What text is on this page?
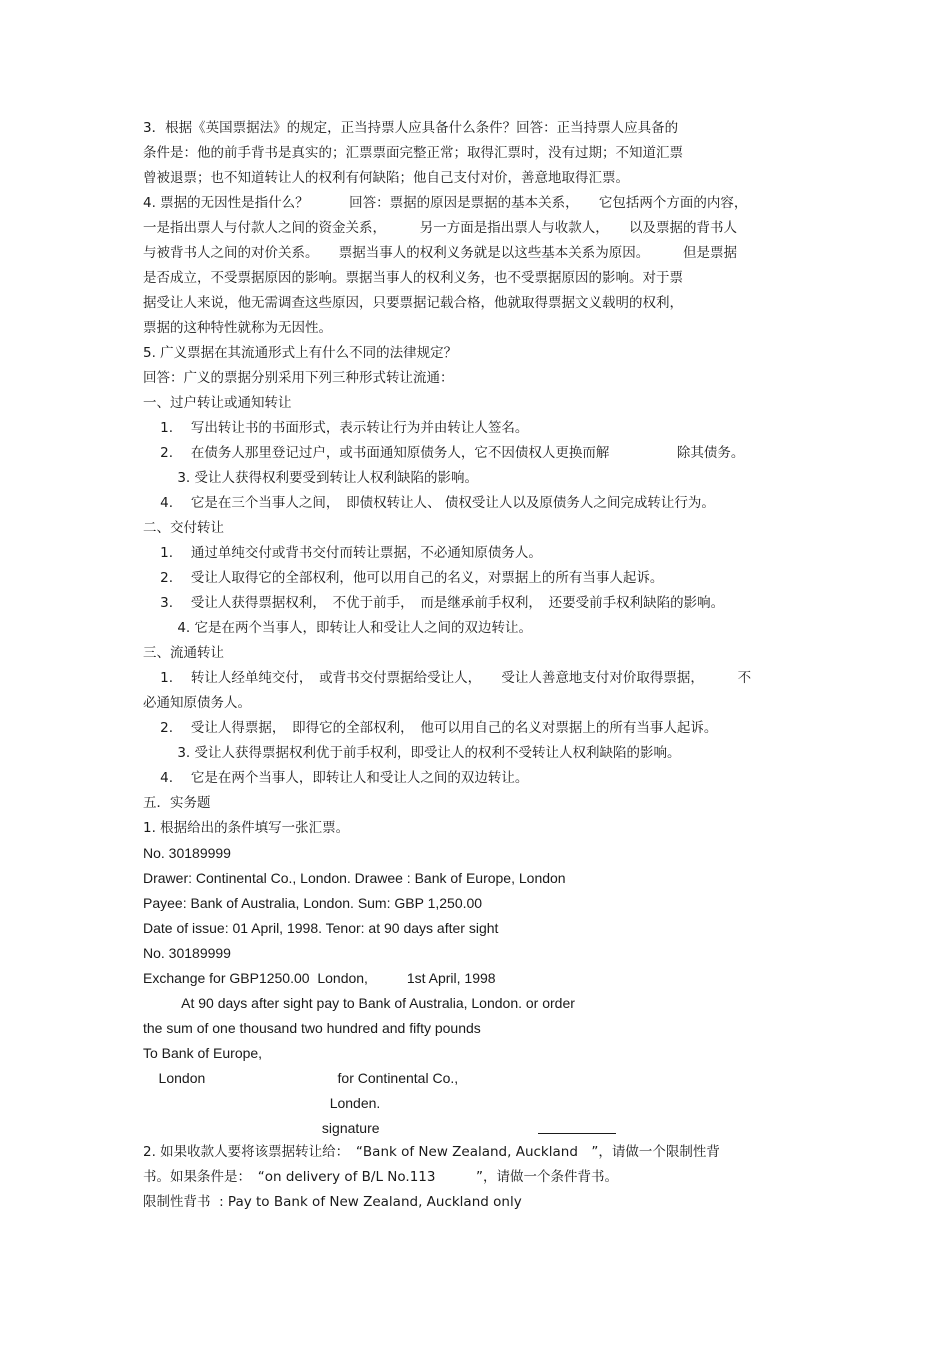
3．根据《英国票据法》的规定，正当持票人应具备什么条件？回答：正当持票人应具备的
条件是：他的前手背书是真实的；汇票票面完整正常；取得汇票时，没有过期；不知道汇票
曾被退票；也不知道转让人的权利有何缺陷；他自己支付对价，善意地取得汇票。
4. 票据的无因性是指什么？　　　回答：票据的原因是票据的基本关系，　　它包括两个方面的内容，
一是指出票人与付款人之间的资金关系，　　　另一方面是指出票人与收款人，　　以及票据的背书人
与被背书人之间的对价关系。　　票据当事人的权利义务就是以这些基本关系为原因。　　　但是票据
是否成立，不受票据原因的影响。票据当事人的权利义务，也不受票据原因的影响。对于票
据受让人来说，他无需调查这些原因，只要票据记载合格，他就取得票据文义载明的权利，
票据的这种特性就称为无因性。
5. 广义票据在其流通形式上有什么不同的法律规定？
回答：广义的票据分别采用下列三种形式转让流通：
一、过户转让或通知转让
1.　 写出转让书的书面形式，表示转让行为并由转让人签名。
2.　 在债务人那里登记过户，或书面通知原债务人，它不因债权人更换而解　　　　　除其债务。
3. 受让人获得权利要受到转让人权利缺陷的影响。
4.　 它是在三个当事人之间，　即债权转让人、 债权受让人以及原债务人之间完成转让行为。
二、交付转让
1.　 通过单纯交付或背书交付而转让票据，不必通知原债务人。
2.　 受让人取得它的全部权利，他可以用自己的名义，对票据上的所有当事人起诉。
3.　 受让人获得票据权利，　不优于前手，　而是继承前手权利，　还要受前手权利缺陷的影响。
4. 它是在两个当事人，即转让人和受让人之间的双边转让。
三、流通转让
1.　 转让人经单纯交付，　或背书交付票据给受让人，　　受让人善意地支付对价取得票据，　　　不
必通知原债务人。
2.　 受让人得票据，　即得它的全部权利，　他可以用自己的名义对票据上的所有当事人起诉。
3. 受让人获得票据权利优于前手权利，即受让人的权利不受转让人权利缺陷的影响。
4.　 它是在两个当事人，即转让人和受让人之间的双边转让。
五．实务题
1. 根据给出的条件填写一张汇票。
No. 30189999
Drawer: Continental Co., London. Drawee : Bank of Europe, London
Payee: Bank of Australia, London. Sum: GBP 1,250.00
Date of issue: 01 April, 1998. Tenor: at 90 days after sight
No. 30189999
Exchange for GBP1250.00  London,          1st April, 1998
At 90 days after sight pay to Bank of Australia, London. or order
the sum of one thousand two hundred and fifty pounds
To Bank of Europe,
London                                  for Continental Co.,
Londen.
signature
2. 如果收款人要将该票据转让给：　“Bank of New Zealand, Auckland　”，请做一个限制性背
书。如果条件是：　“on delivery of B/L No.113　　　”，请做一个条件背书。
限制性背书  : Pay to Bank of New Zealand, Auckland only
